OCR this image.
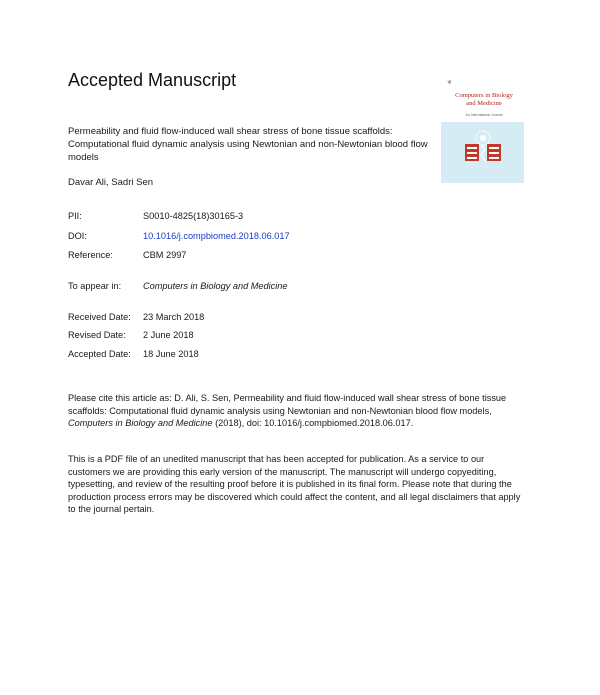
Accepted Manuscript	❦
Computers in Biology and Medicine
An International Journal
Permeability and fluid flow-induced wall shear stress of bone tissue scaffolds: Computational fluid dynamic analysis using Newtonian and non-Newtonian blood flow models
Davar Ali, Sadri Sen
PII:	S0010-4825(18)30165-3
DOI:	10.1016/j.compbiomed.2018.06.017
Reference:	CBM 2997
To appear in: Computers in Biology and Medicine
Received Date: 23 March 2018
Revised Date: 2 June 2018
Accepted Date: 18 June 2018
Please cite this article as: D. Ali, S. Sen, Permeability and fluid flow-induced wall shear stress of bone tissue scaffolds: Computational fluid dynamic analysis using Newtonian and non-Newtonian blood flow models, Computers in Biology and Medicine (2018), doi: 10.1016/j.compbiomed.2018.06.017.
This is a PDF file of an unedited manuscript that has been accepted for publication. As a service to our customers we are providing this early version of the manuscript. The manuscript will undergo copyediting, typesetting, and review of the resulting proof before it is published in its final form. Please note that during the production process errors may be discovered which could affect the content, and all legal disclaimers that apply to the journal pertain.
